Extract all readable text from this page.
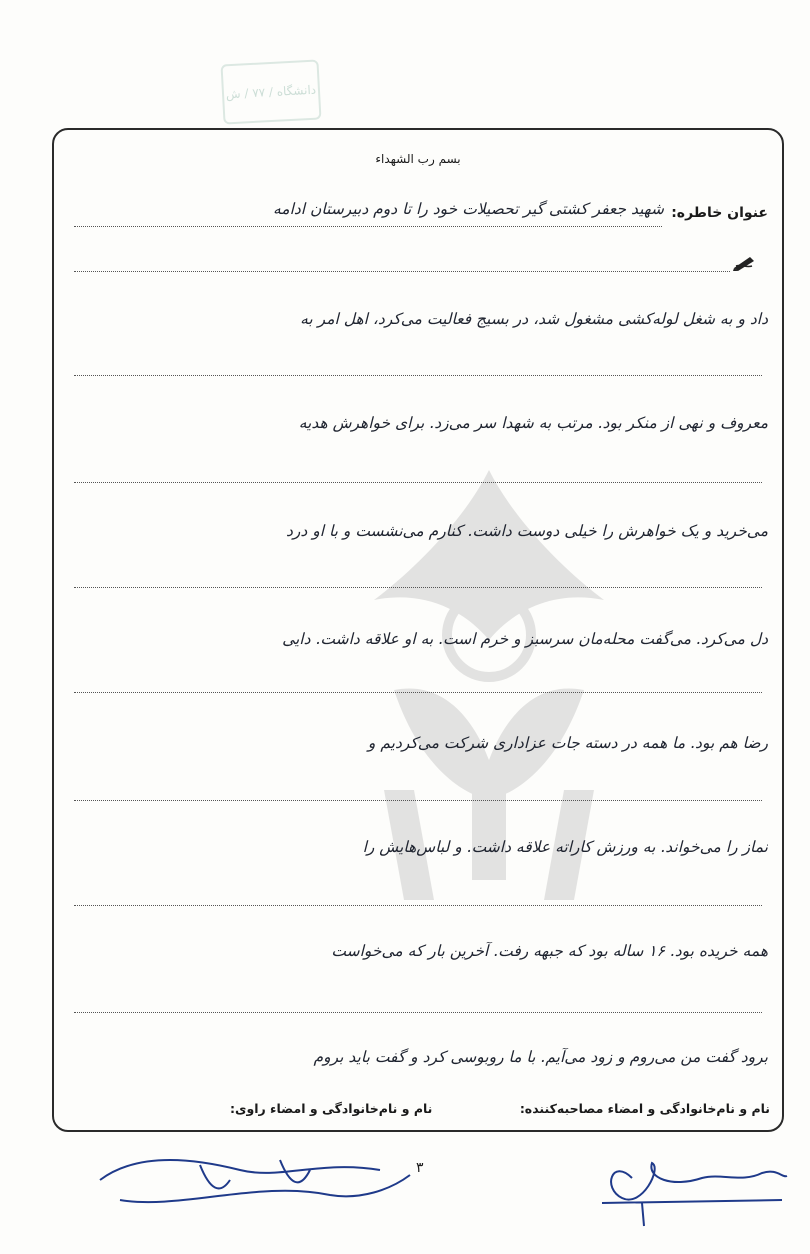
دانشگاه / ۷۷ / ش
بسم رب الشهداء
عنوان خاطره:
شهید جعفر کشتی‌ گیر تحصیلات خود را تا دوم دبیرستان ادامه
داد و به شغل لوله‌کشی مشغول شد، در بسیج فعالیت می‌کرد، اهل امر به
معروف و نهی از منکر بود. مرتب به شهدا سر می‌زد. برای خواهرش هدیه
می‌خرید و یک خواهرش را خیلی دوست داشت. کنارم می‌نشست و با او درد
دل می‌کرد. می‌گفت محله‌مان سرسبز و خرم است. به او علاقه داشت. دایی
رضا هم بود. ما همه در دسته جات عزاداری شرکت می‌کردیم و
نماز را می‌خواند. به ورزش کاراته علاقه داشت. و لباس‌هایش را
همه خریده بود. ۱۶ ساله بود که جبهه رفت. آخرین بار که می‌خواست
برود گفت من می‌روم و زود می‌آیم. با ما روبوسی کرد و گفت باید بروم
نام و نام‌خانوادگی و امضاء مصاحبه‌کننده:
نام و نام‌خانوادگی و امضاء راوی:
۳
